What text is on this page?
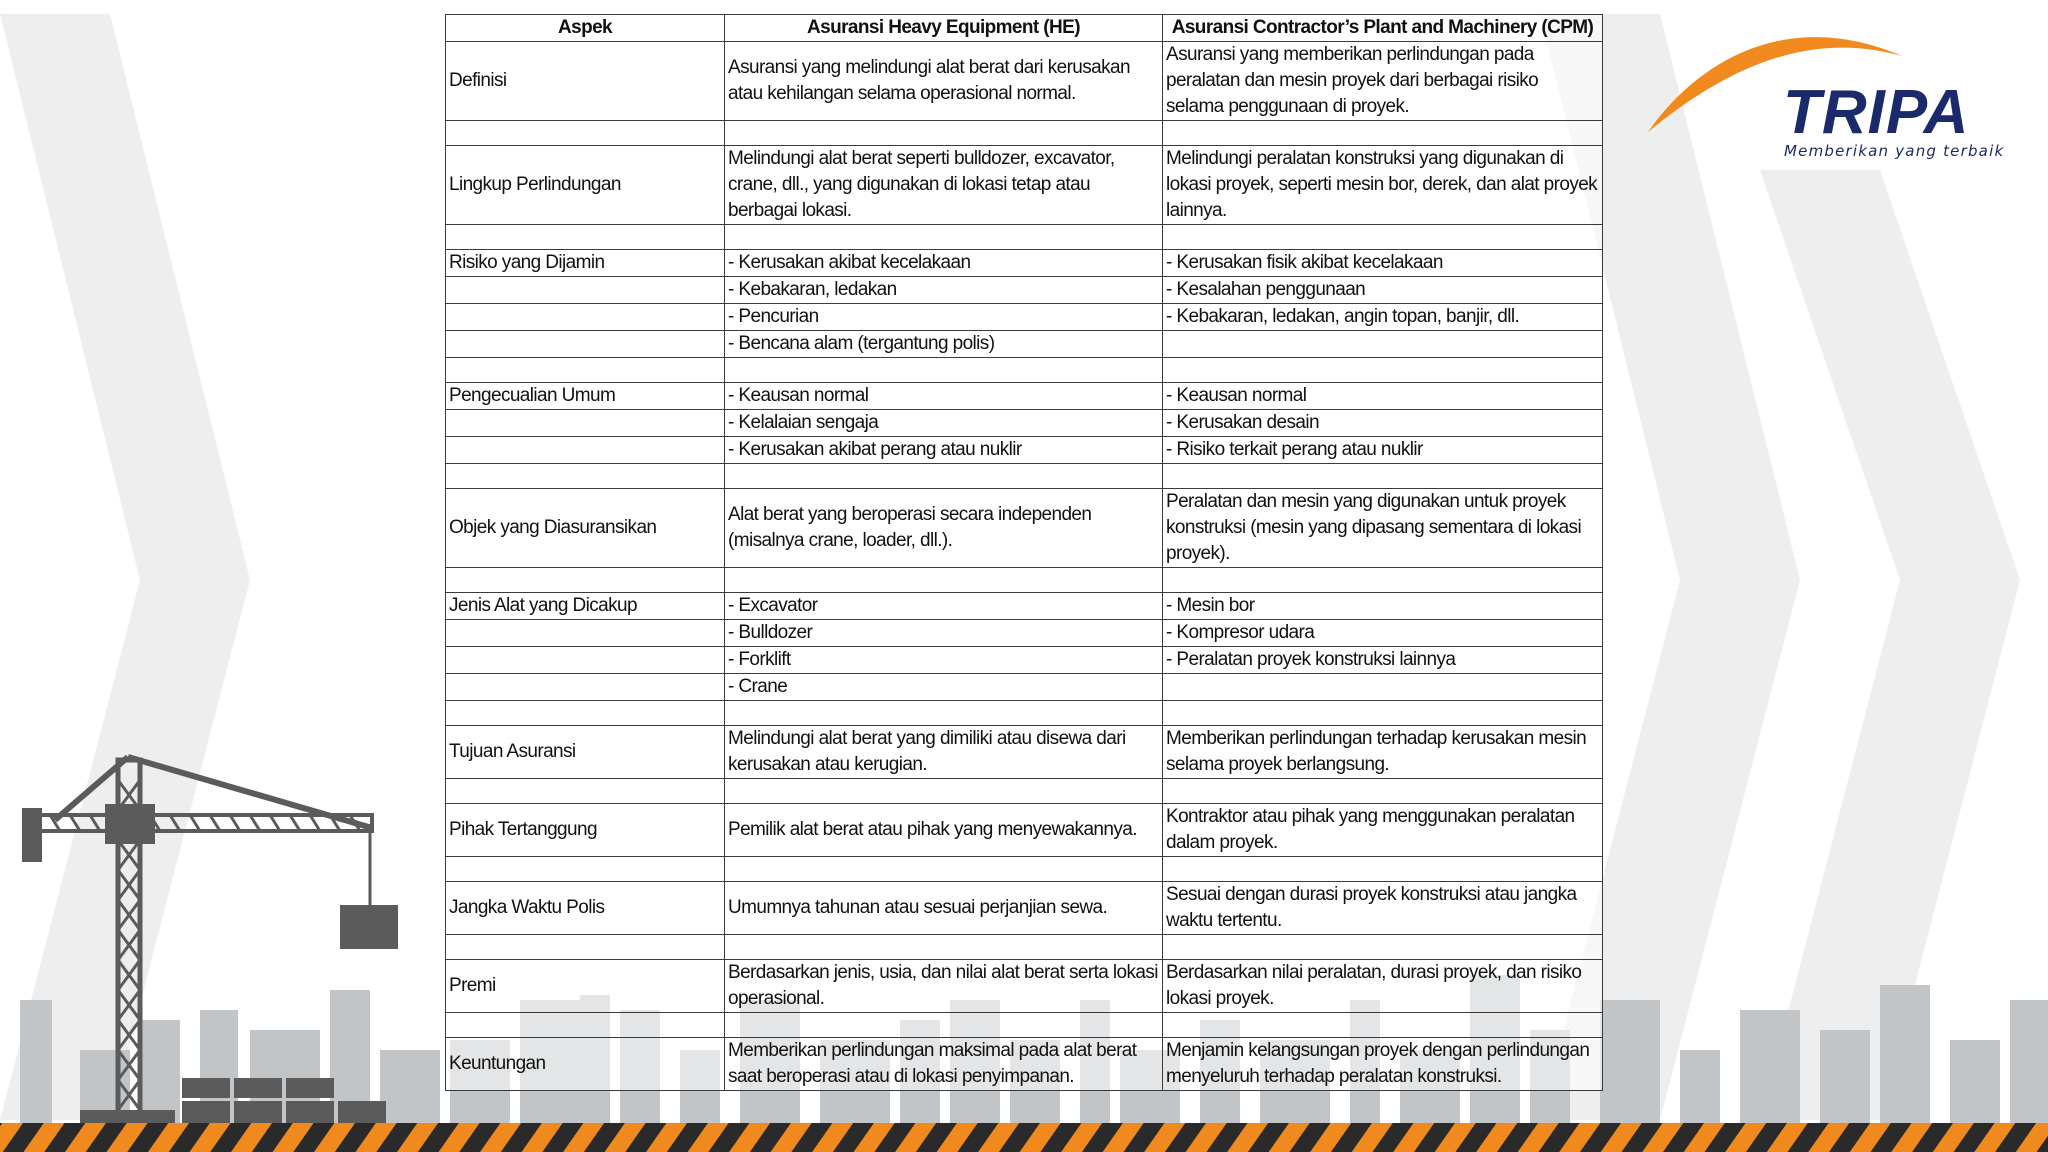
TRIPA
Memberikan yang terbaik
Aspek	Asuransi Heavy Equipment (HE)	Asuransi Contractor’s Plant and Machinery (CPM)
Definisi	Asuransi yang melindungi alat berat dari kerusakan atau kehilangan selama operasional normal.	Asuransi yang memberikan perlindungan pada peralatan dan mesin proyek dari berbagai risiko selama penggunaan di proyek.

Lingkup Perlindungan	Melindungi alat berat seperti bulldozer, excavator, crane, dll., yang digunakan di lokasi tetap atau berbagai lokasi.	Melindungi peralatan konstruksi yang digunakan di lokasi proyek, seperti mesin bor, derek, dan alat proyek lainnya.

Risiko yang Dijamin	- Kerusakan akibat kecelakaan	- Kerusakan fisik akibat kecelakaan
	- Kebakaran, ledakan	- Kesalahan penggunaan
	- Pencurian	- Kebakaran, ledakan, angin topan, banjir, dll.
	- Bencana alam (tergantung polis)	

Pengecualian Umum	- Keausan normal	- Keausan normal
	- Kelalaian sengaja	- Kerusakan desain
	- Kerusakan akibat perang atau nuklir	- Risiko terkait perang atau nuklir

Objek yang Diasuransikan	Alat berat yang beroperasi secara independen (misalnya crane, loader, dll.).	Peralatan dan mesin yang digunakan untuk proyek konstruksi (mesin yang dipasang sementara di lokasi proyek).

Jenis Alat yang Dicakup	- Excavator	- Mesin bor
	- Bulldozer	- Kompresor udara
	- Forklift	- Peralatan proyek konstruksi lainnya
	- Crane	

Tujuan Asuransi	Melindungi alat berat yang dimiliki atau disewa dari kerusakan atau kerugian.	Memberikan perlindungan terhadap kerusakan mesin selama proyek berlangsung.

Pihak Tertanggung	Pemilik alat berat atau pihak yang menyewakannya.	Kontraktor atau pihak yang menggunakan peralatan dalam proyek.

Jangka Waktu Polis	Umumnya tahunan atau sesuai perjanjian sewa.	Sesuai dengan durasi proyek konstruksi atau jangka waktu tertentu.

Premi	Berdasarkan jenis, usia, dan nilai alat berat serta lokasi operasional.	Berdasarkan nilai peralatan, durasi proyek, dan risiko lokasi proyek.

Keuntungan	Memberikan perlindungan maksimal pada alat berat saat beroperasi atau di lokasi penyimpanan.	Menjamin kelangsungan proyek dengan perlindungan menyeluruh terhadap peralatan konstruksi.
